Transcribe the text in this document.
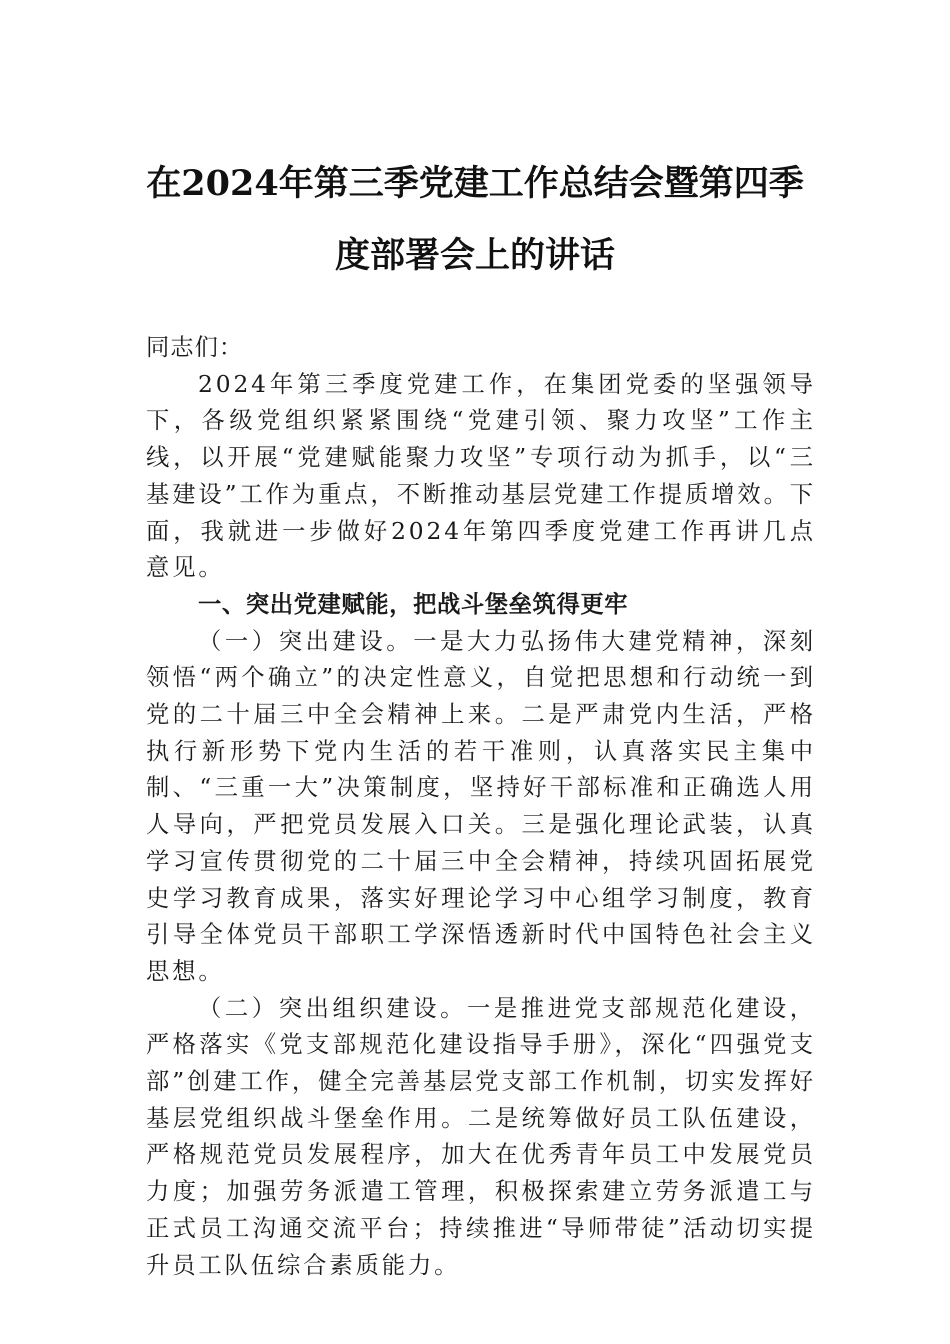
在2024年第三季党建工作总结会暨第四季
度部署会上的讲话

同志们：

2024年第三季度党建工作，在集团党委的坚强领导下，各级党组织紧紧围绕“党建引领、聚力攻坚”工作主线，以开展“党建赋能聚力攻坚”专项行动为抓手，以“三基建设”工作为重点，不断推动基层党建工作提质增效。下面，我就进一步做好2024年第四季度党建工作再讲几点意见。

一、突出党建赋能，把战斗堡垒筑得更牢

（一）突出建设。一是大力弘扬伟大建党精神，深刻领悟“两个确立”的决定性意义，自觉把思想和行动统一到党的二十届三中全会精神上来。二是严肃党内生活，严格执行新形势下党内生活的若干准则，认真落实民主集中制、“三重一大”决策制度，坚持好干部标准和正确选人用人导向，严把党员发展入口关。三是强化理论武装，认真学习宣传贯彻党的二十届三中全会精神，持续巩固拓展党史学习教育成果，落实好理论学习中心组学习制度，教育引导全体党员干部职工学深悟透新时代中国特色社会主义思想。

（二）突出组织建设。一是推进党支部规范化建设，严格落实《党支部规范化建设指导手册》，深化“四强党支部”创建工作，健全完善基层党支部工作机制，切实发挥好基层党组织战斗堡垒作用。二是统筹做好员工队伍建设，严格规范党员发展程序，加大在优秀青年员工中发展党员力度；加强劳务派遣工管理，积极探索建立劳务派遣工与正式员工沟通交流平台；持续推进“导师带徒”活动切实提升员工队伍综合素质能力。
